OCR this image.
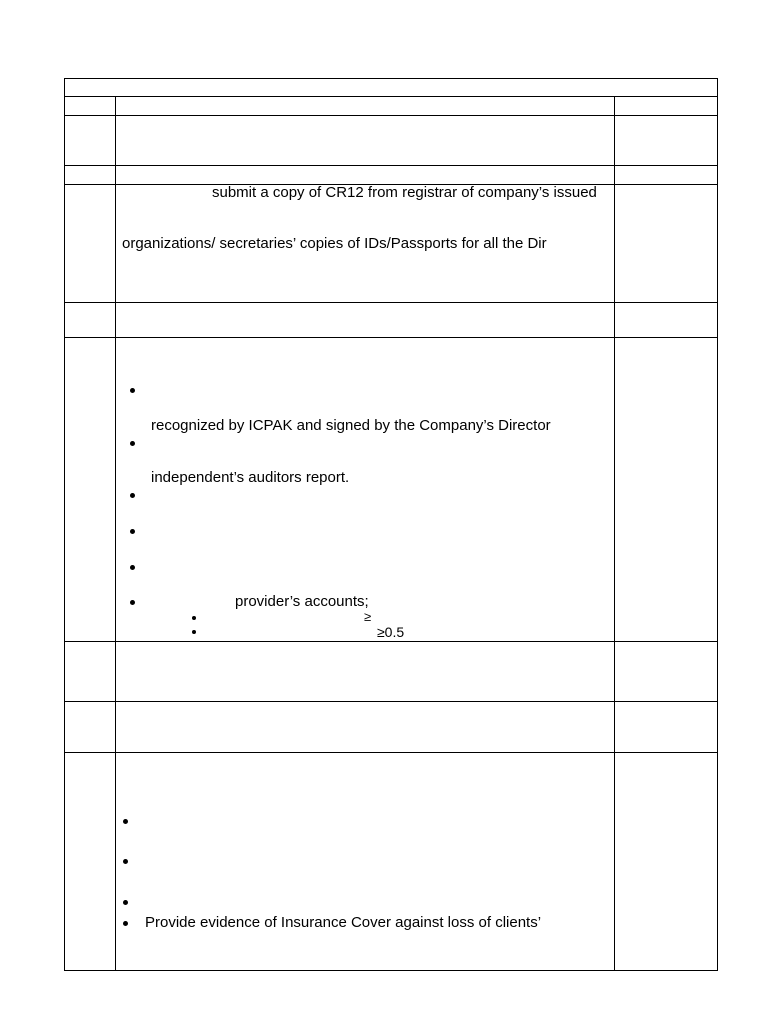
submit a copy of CR12 from registrar of company’s issued
organizations/ secretaries’ copies of IDs/Passports for all the Dir
recognized by ICPAK and signed by the Company’s Director
independent’s auditors report.
provider’s accounts;
≥
≥0.5
Provide evidence of Insurance Cover against loss of clients’
